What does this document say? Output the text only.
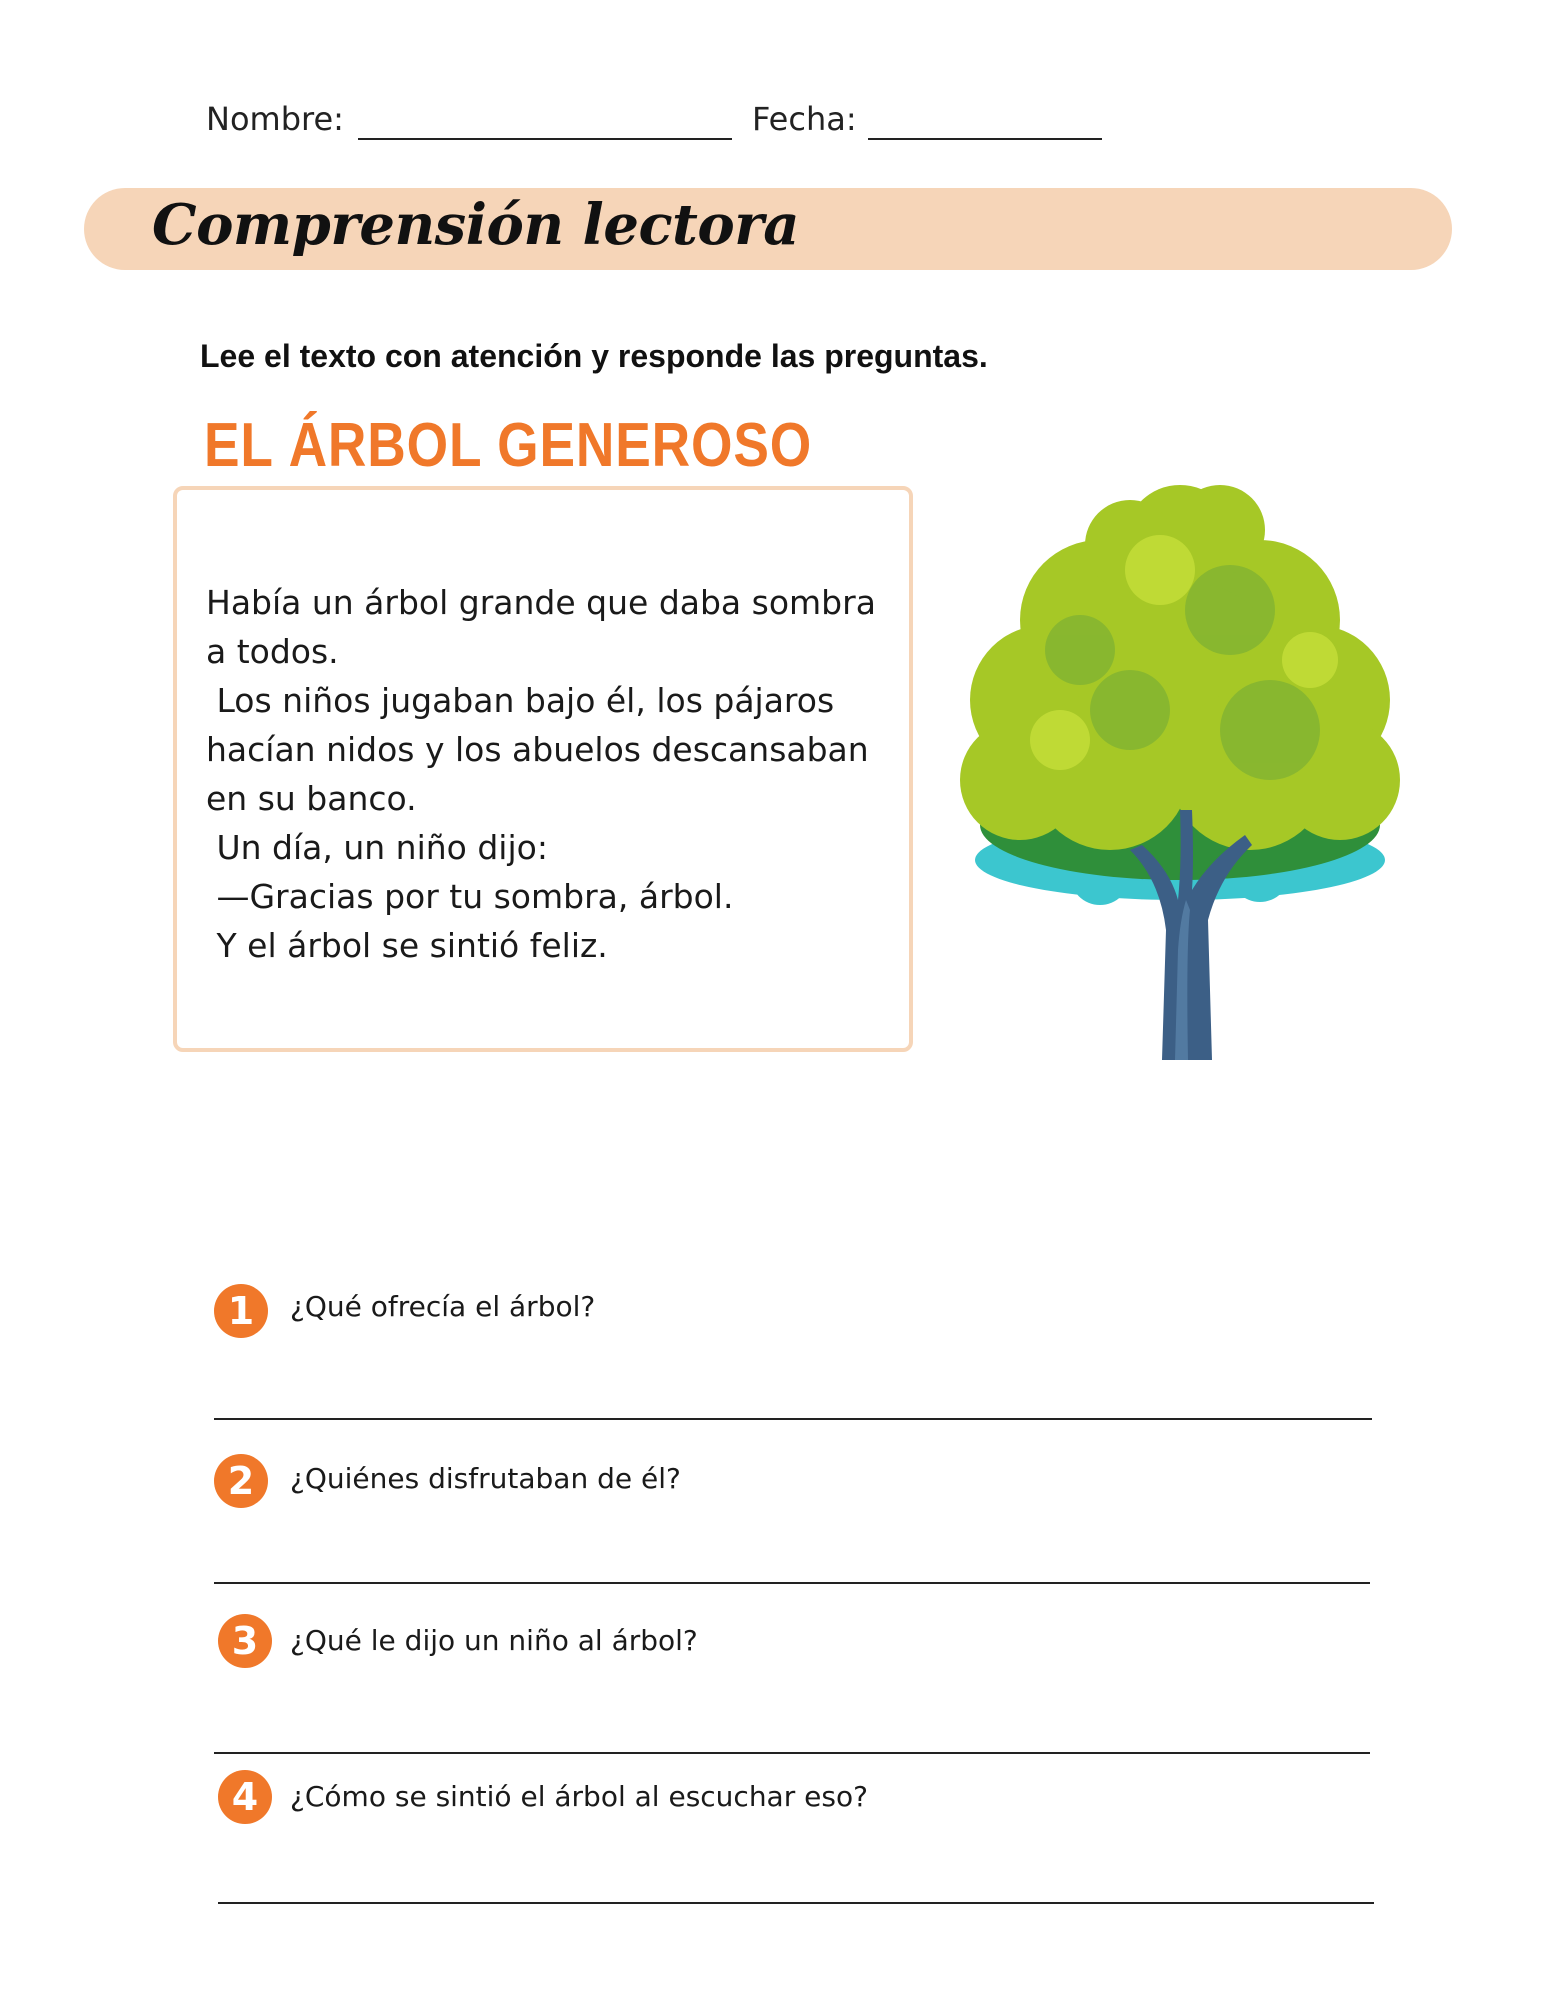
Nombre:	Fecha:
Comprensión lectora
Lee el texto con atención y responde las preguntas.
EL ÁRBOL GENEROSO
Había un árbol grande que daba sombra
a todos.
Los niños jugaban bajo él, los pájaros
hacían nidos y los abuelos descansaban
en su banco.
Un día, un niño dijo:
—Gracias por tu sombra, árbol.
Y el árbol se sintió feliz.
1	¿Qué ofrecía el árbol?
2	¿Quiénes disfrutaban de él?
3	¿Qué le dijo un niño al árbol?
4	¿Cómo se sintió el árbol al escuchar eso?
